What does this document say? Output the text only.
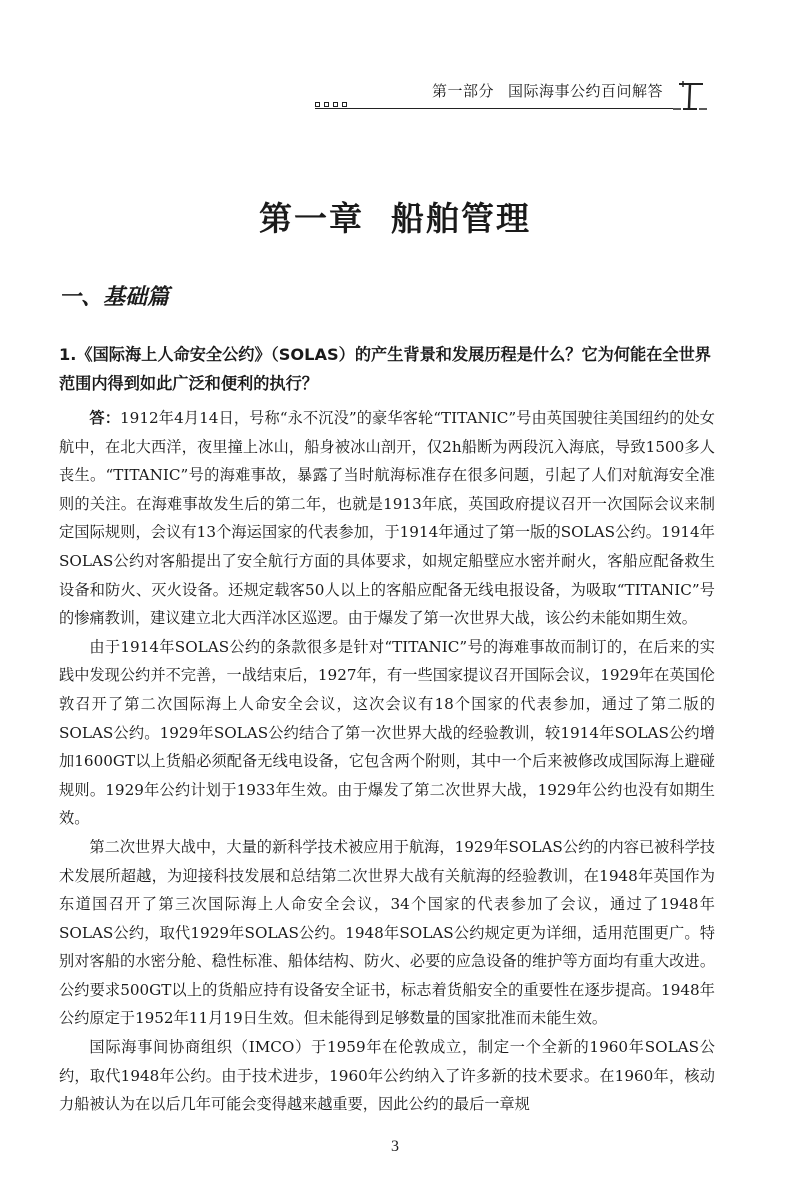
第一部分 国际海事公约百问解答
第一章  船舶管理
一、基础篇
1.《国际海上人命安全公约》（SOLAS）的产生背景和发展历程是什么？它为何能在全世界范围内得到如此广泛和便利的执行？

答：1912年4月14日，号称“永不沉没”的豪华客轮“TITANIC”号由英国驶往美国纽约的处女航中，在北大西洋，夜里撞上冰山，船身被冰山剖开，仅2h船断为两段沉入海底，导致1500多人丧生。“TITANIC”号的海难事故，暴露了当时航海标准存在很多问题，引起了人们对航海安全准则的关注。在海难事故发生后的第二年，也就是1913年底，英国政府提议召开一次国际会议来制定国际规则，会议有13个海运国家的代表参加，于1914年通过了第一版的SOLAS公约。1914年SOLAS公约对客船提出了安全航行方面的具体要求，如规定船壁应水密并耐火，客船应配备救生设备和防火、灭火设备。还规定载客50人以上的客船应配备无线电报设备，为吸取“TITANIC”号的惨痛教训，建议建立北大西洋冰区巡逻。由于爆发了第一次世界大战，该公约未能如期生效。

由于1914年SOLAS公约的条款很多是针对“TITANIC”号的海难事故而制订的，在后来的实践中发现公约并不完善，一战结束后，1927年，有一些国家提议召开国际会议，1929年在英国伦敦召开了第二次国际海上人命安全会议，这次会议有18个国家的代表参加，通过了第二版的SOLAS公约。1929年SOLAS公约结合了第一次世界大战的经验教训，较1914年SOLAS公约增加1600GT以上货船必须配备无线电设备，它包含两个附则，其中一个后来被修改成国际海上避碰规则。1929年公约计划于1933年生效。由于爆发了第二次世界大战，1929年公约也没有如期生效。

第二次世界大战中，大量的新科学技术被应用于航海，1929年SOLAS公约的内容已被科学技术发展所超越，为迎接科技发展和总结第二次世界大战有关航海的经验教训，在1948年英国作为东道国召开了第三次国际海上人命安全会议，34个国家的代表参加了会议，通过了1948年SOLAS公约，取代1929年SOLAS公约。1948年SOLAS公约规定更为详细，适用范围更广。特别对客船的水密分舱、稳性标准、船体结构、防火、必要的应急设备的维护等方面均有重大改进。公约要求500GT以上的货船应持有设备安全证书，标志着货船安全的重要性在逐步提高。1948年公约原定于1952年11月19日生效。但未能得到足够数量的国家批准而未能生效。

国际海事间协商组织（IMCO）于1959年在伦敦成立，制定一个全新的1960年SOLAS公约，取代1948年公约。由于技术进步，1960年公约纳入了许多新的技术要求。在1960年，核动力船被认为在以后几年可能会变得越来越重要，因此公约的最后一章规

3
